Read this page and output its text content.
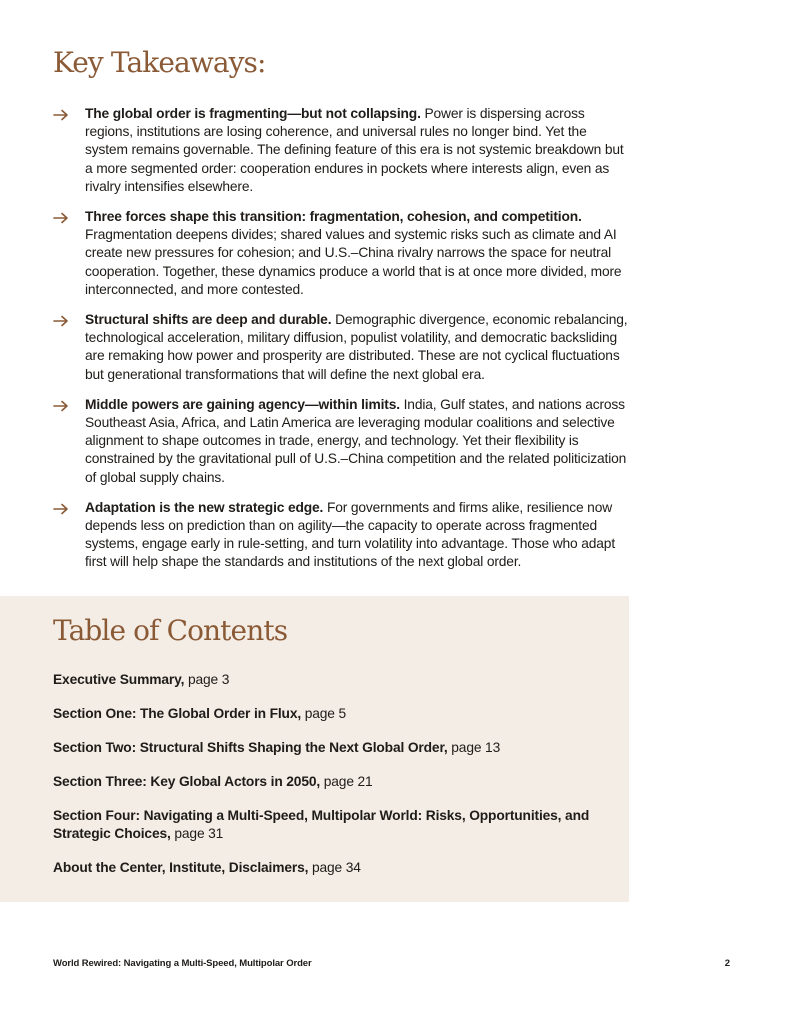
Key Takeaways:
The global order is fragmenting—but not collapsing. Power is dispersing across regions, institutions are losing coherence, and universal rules no longer bind. Yet the system remains governable. The defining feature of this era is not systemic breakdown but a more segmented order: cooperation endures in pockets where interests align, even as rivalry intensifies elsewhere.
Three forces shape this transition: fragmentation, cohesion, and competition. Fragmentation deepens divides; shared values and systemic risks such as climate and AI create new pressures for cohesion; and U.S.–China rivalry narrows the space for neutral cooperation. Together, these dynamics produce a world that is at once more divided, more interconnected, and more contested.
Structural shifts are deep and durable. Demographic divergence, economic rebalancing, technological acceleration, military diffusion, populist volatility, and democratic backsliding are remaking how power and prosperity are distributed. These are not cyclical fluctuations but generational transformations that will define the next global era.
Middle powers are gaining agency—within limits. India, Gulf states, and nations across Southeast Asia, Africa, and Latin America are leveraging modular coalitions and selective alignment to shape outcomes in trade, energy, and technology. Yet their flexibility is constrained by the gravitational pull of U.S.–China competition and the related politicization of global supply chains.
Adaptation is the new strategic edge. For governments and firms alike, resilience now depends less on prediction than on agility—the capacity to operate across fragmented systems, engage early in rule-setting, and turn volatility into advantage. Those who adapt first will help shape the standards and institutions of the next global order.
Table of Contents
Executive Summary, page 3
Section One: The Global Order in Flux, page 5
Section Two: Structural Shifts Shaping the Next Global Order, page 13
Section Three: Key Global Actors in 2050, page 21
Section Four: Navigating a Multi-Speed, Multipolar World: Risks, Opportunities, and Strategic Choices, page 31
About the Center, Institute, Disclaimers, page 34
World Rewired: Navigating a Multi-Speed, Multipolar Order	2
